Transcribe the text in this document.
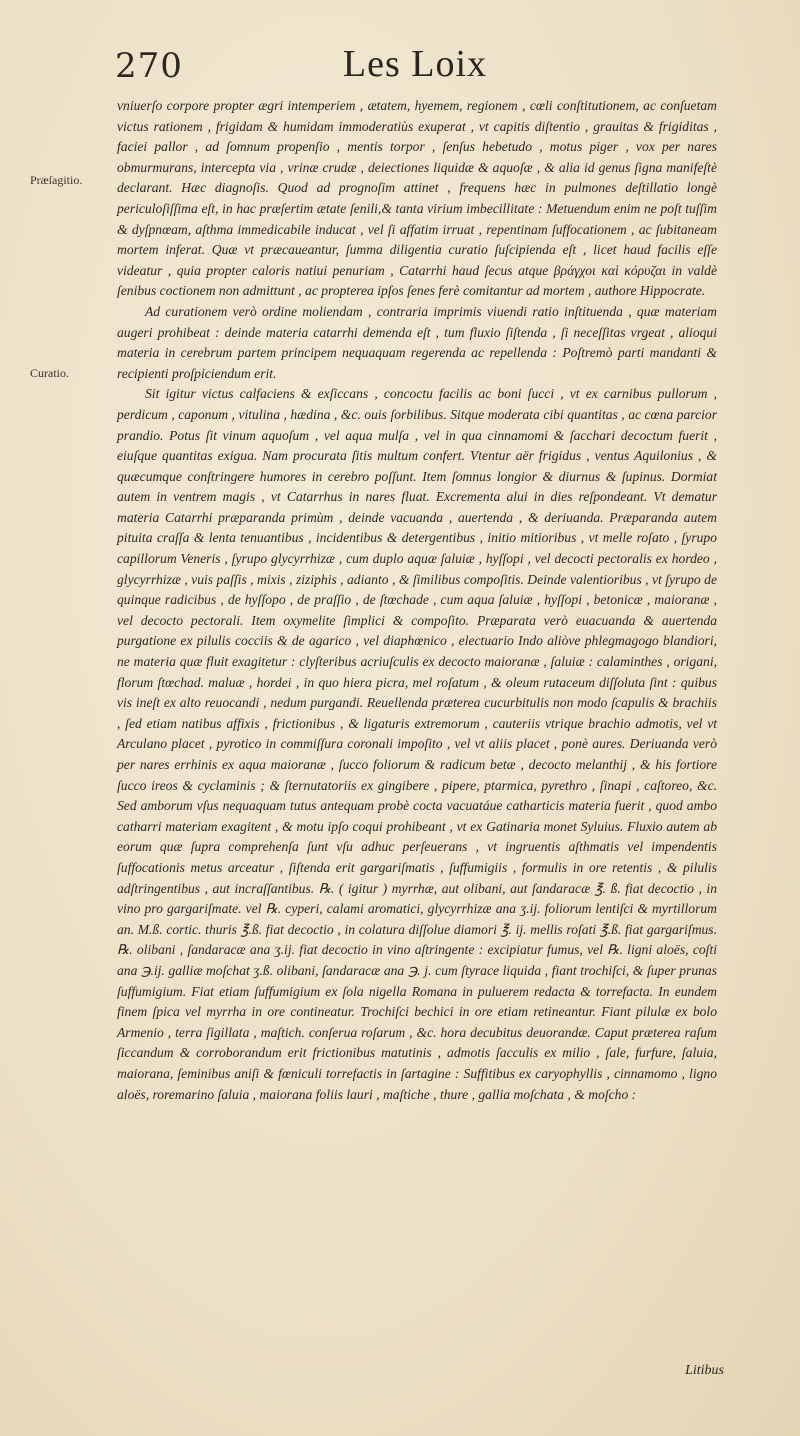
270	Les Loix
Præſagitio.
Curatio.

vniuerſo corpore propter ægri intemperiem , ætatem, hyemem, regionem , cœli conſtitutionem, ac conſuetam victus rationem , frigidam & humidam immoderatiùs exuperat , vt capitis diſtentio , grauitas & frigiditas , faciei pallor , ad ſomnum propenſio , mentis torpor , ſenſus hebetudo , motus piger , vox per nares obmurmurans, intercepta via , vrinæ crudæ , deiectiones liquidæ & aquoſæ , & alia id genus ſigna manifeſtè declarant. Hæc diagnoſis. Quod ad prognoſim attinet , frequens hæc in pulmones deſtillatio longè periculoſiſſima eſt, in hac præſertim ætate ſenili,& tanta virium imbecillitate : Metuendum enim ne poſt tuſſim & dyſpnœam, aſthma immedicabile inducat , vel ſi affatim irruat , repentinam ſuffocationem , ac ſubitaneam mortem inferat. Quæ vt præcaueantur, ſumma diligentia curatio ſuſcipienda eſt , licet haud facilis eſſe videatur , quia propter caloris natiui penuriam , Catarrhi haud ſecus atque βράγχοι καὶ κόρυζαι in valdè ſenibus coctionem non admittunt , ac propterea ipſos ſenes ferè comitantur ad mortem , authore Hippocrate.

Ad curationem verò ordine moliendam , contraria imprimis viuendi ratio inſtituenda , quæ materiam augeri prohibeat : deinde materia catarrhi demenda eſt , tum fluxio ſiſtenda , ſi neceſſitas vrgeat , alioqui materia in cerebrum partem principem nequaquam regerenda ac repellenda : Poſtremò parti mandanti & recipienti proſpiciendum erit.

Sit igitur victus calfaciens & exſiccans , concoctu facilis ac boni ſucci , vt ex carnibus pullorum , perdicum , caponum , vitulina , hædina , &c. ouis ſorbilibus. Sitque moderata cibi quantitas , ac cœna parcior prandio. Potus ſit vinum aquoſum , vel aqua mulſa , vel in qua cinnamomi & ſacchari decoctum fuerit , eiuſque quantitas exigua. Nam procurata ſitis multum confert. Vtentur aër frigidus , ventus Aquilonius , & quæcumque conſtringere humores in cerebro poſſunt. Item ſomnus longior & diurnus & ſupinus. Dormiat autem in ventrem magis , vt Catarrhus in nares fluat. Excrementa alui in dies reſpondeant. Vt dematur materia Catarrhi præparanda primùm , deinde vacuanda , auertenda , & deriuanda. Præparanda autem pituita craſſa & lenta tenuantibus , incidentibus & detergentibus , initio mitioribus , vt melle roſato , ſyrupo capillorum Veneris , ſyrupo glycyrrhizæ , cum duplo aquæ ſaluiæ , hyſſopi , vel decocti pectoralis ex hordeo , glycyrrhizæ , vuis paſſis , mixis , ziziphis , adianto , & ſimilibus compoſitis. Deinde valentioribus , vt ſyrupo de quinque radicibus , de hyſſopo , de praſſio , de ſtœchade , cum aqua ſaluiæ , hyſſopi , betonicæ , maioranæ , vel decocto pectorali. Item oxymelite ſimplici & compoſito. Præparata verò euacuanda & auertenda purgatione ex pilulis cocciis & de agarico , vel diaphœnico , electuario Indo aliòve phlegmagogo blandiori, ne materia quæ fluit exagitetur : clyſteribus acriuſculis ex decocto maioranæ , ſaluiæ : calaminthes , origani, florum ſtœchad. maluæ , hordei , in quo hiera picra, mel roſatum , & oleum rutaceum diſſoluta ſint : quibus vis ineſt ex alto reuocandi , nedum purgandi. Reuellenda præterea cucurbitulis non modo ſcapulis & brachiis , ſed etiam natibus affixis , frictionibus , & ligaturis extremorum , cauteriis vtrique brachio admotis, vel vt Arculano placet , pyrotico in commiſſura coronali impoſito , vel vt aliis placet , ponè aures. Deriuanda verò per nares errhinis ex aqua maioranæ , ſucco foliorum & radicum betæ , decocto melanthij , & his fortiore ſucco ireos & cyclaminis ; & ſternutatoriis ex gingibere , pipere, ptarmica, pyrethro , ſinapi , caſtoreo, &c. Sed amborum vſus nequaquam tutus antequam probè cocta vacuatáue catharticis materia fuerit , quod ambo catharri materiam exagitent , & motu ipſo coqui prohibeant , vt ex Gatinaria monet Syluius. Fluxio autem ab eorum quæ ſupra comprehenſa ſunt vſu adhuc perſeuerans , vt ingruentis aſthmatis vel impendentis ſuffocationis metus arceatur , ſiſtenda erit gargariſmatis , ſuffumigiis , formulis in ore retentis , & pilulis adſtringentibus , aut incraſſantibus. ℞. ( igitur ) myrrhæ, aut olibani, aut ſandaracæ ℥. ß. fiat decoctio , in vino pro gargariſmate. vel ℞. cyperi, calami aromatici, glycyrrhizæ ana ʒ.ij. foliorum lentiſci & myrtillorum an. M.ß. cortic. thuris ℥.ß. fiat decoctio , in colatura diſſolue diamori ℥. ij. mellis roſati ℥.ß. fiat gargariſmus. ℞. olibani , ſandaracæ ana ʒ.ij. fiat decoctio in vino aſtringente : excipiatur fumus, vel ℞. ligni aloës, coſti ana ℈.ij. galliæ moſchat ʒ.ß. olibani, ſandaracæ ana ℈. j. cum ſtyrace liquida , fiant trochiſci, & ſuper prunas ſuffumigium. Fiat etiam ſuffumigium ex ſola nigella Romana in puluerem redacta & torrefacta. In eundem finem ſpica vel myrrha in ore contineatur. Trochiſci bechici in ore etiam retineantur. Fiant pilulæ ex bolo Armenio , terra ſigillata , maſtich. conſerua roſarum , &c. hora decubitus deuorandæ. Caput præterea raſum ſiccandum & corroborandum erit frictionibus matutinis , admotis ſacculis ex milio , ſale, furfure, ſaluia, maiorana, ſeminibus aniſi & fœniculi torrefactis in ſartagine : Suffitibus ex caryophyllis , cinnamomo , ligno aloës, roremarino ſaluia , maiorana foliis lauri , maſtiche , thure , gallia moſchata , & moſcho :

Litibus
